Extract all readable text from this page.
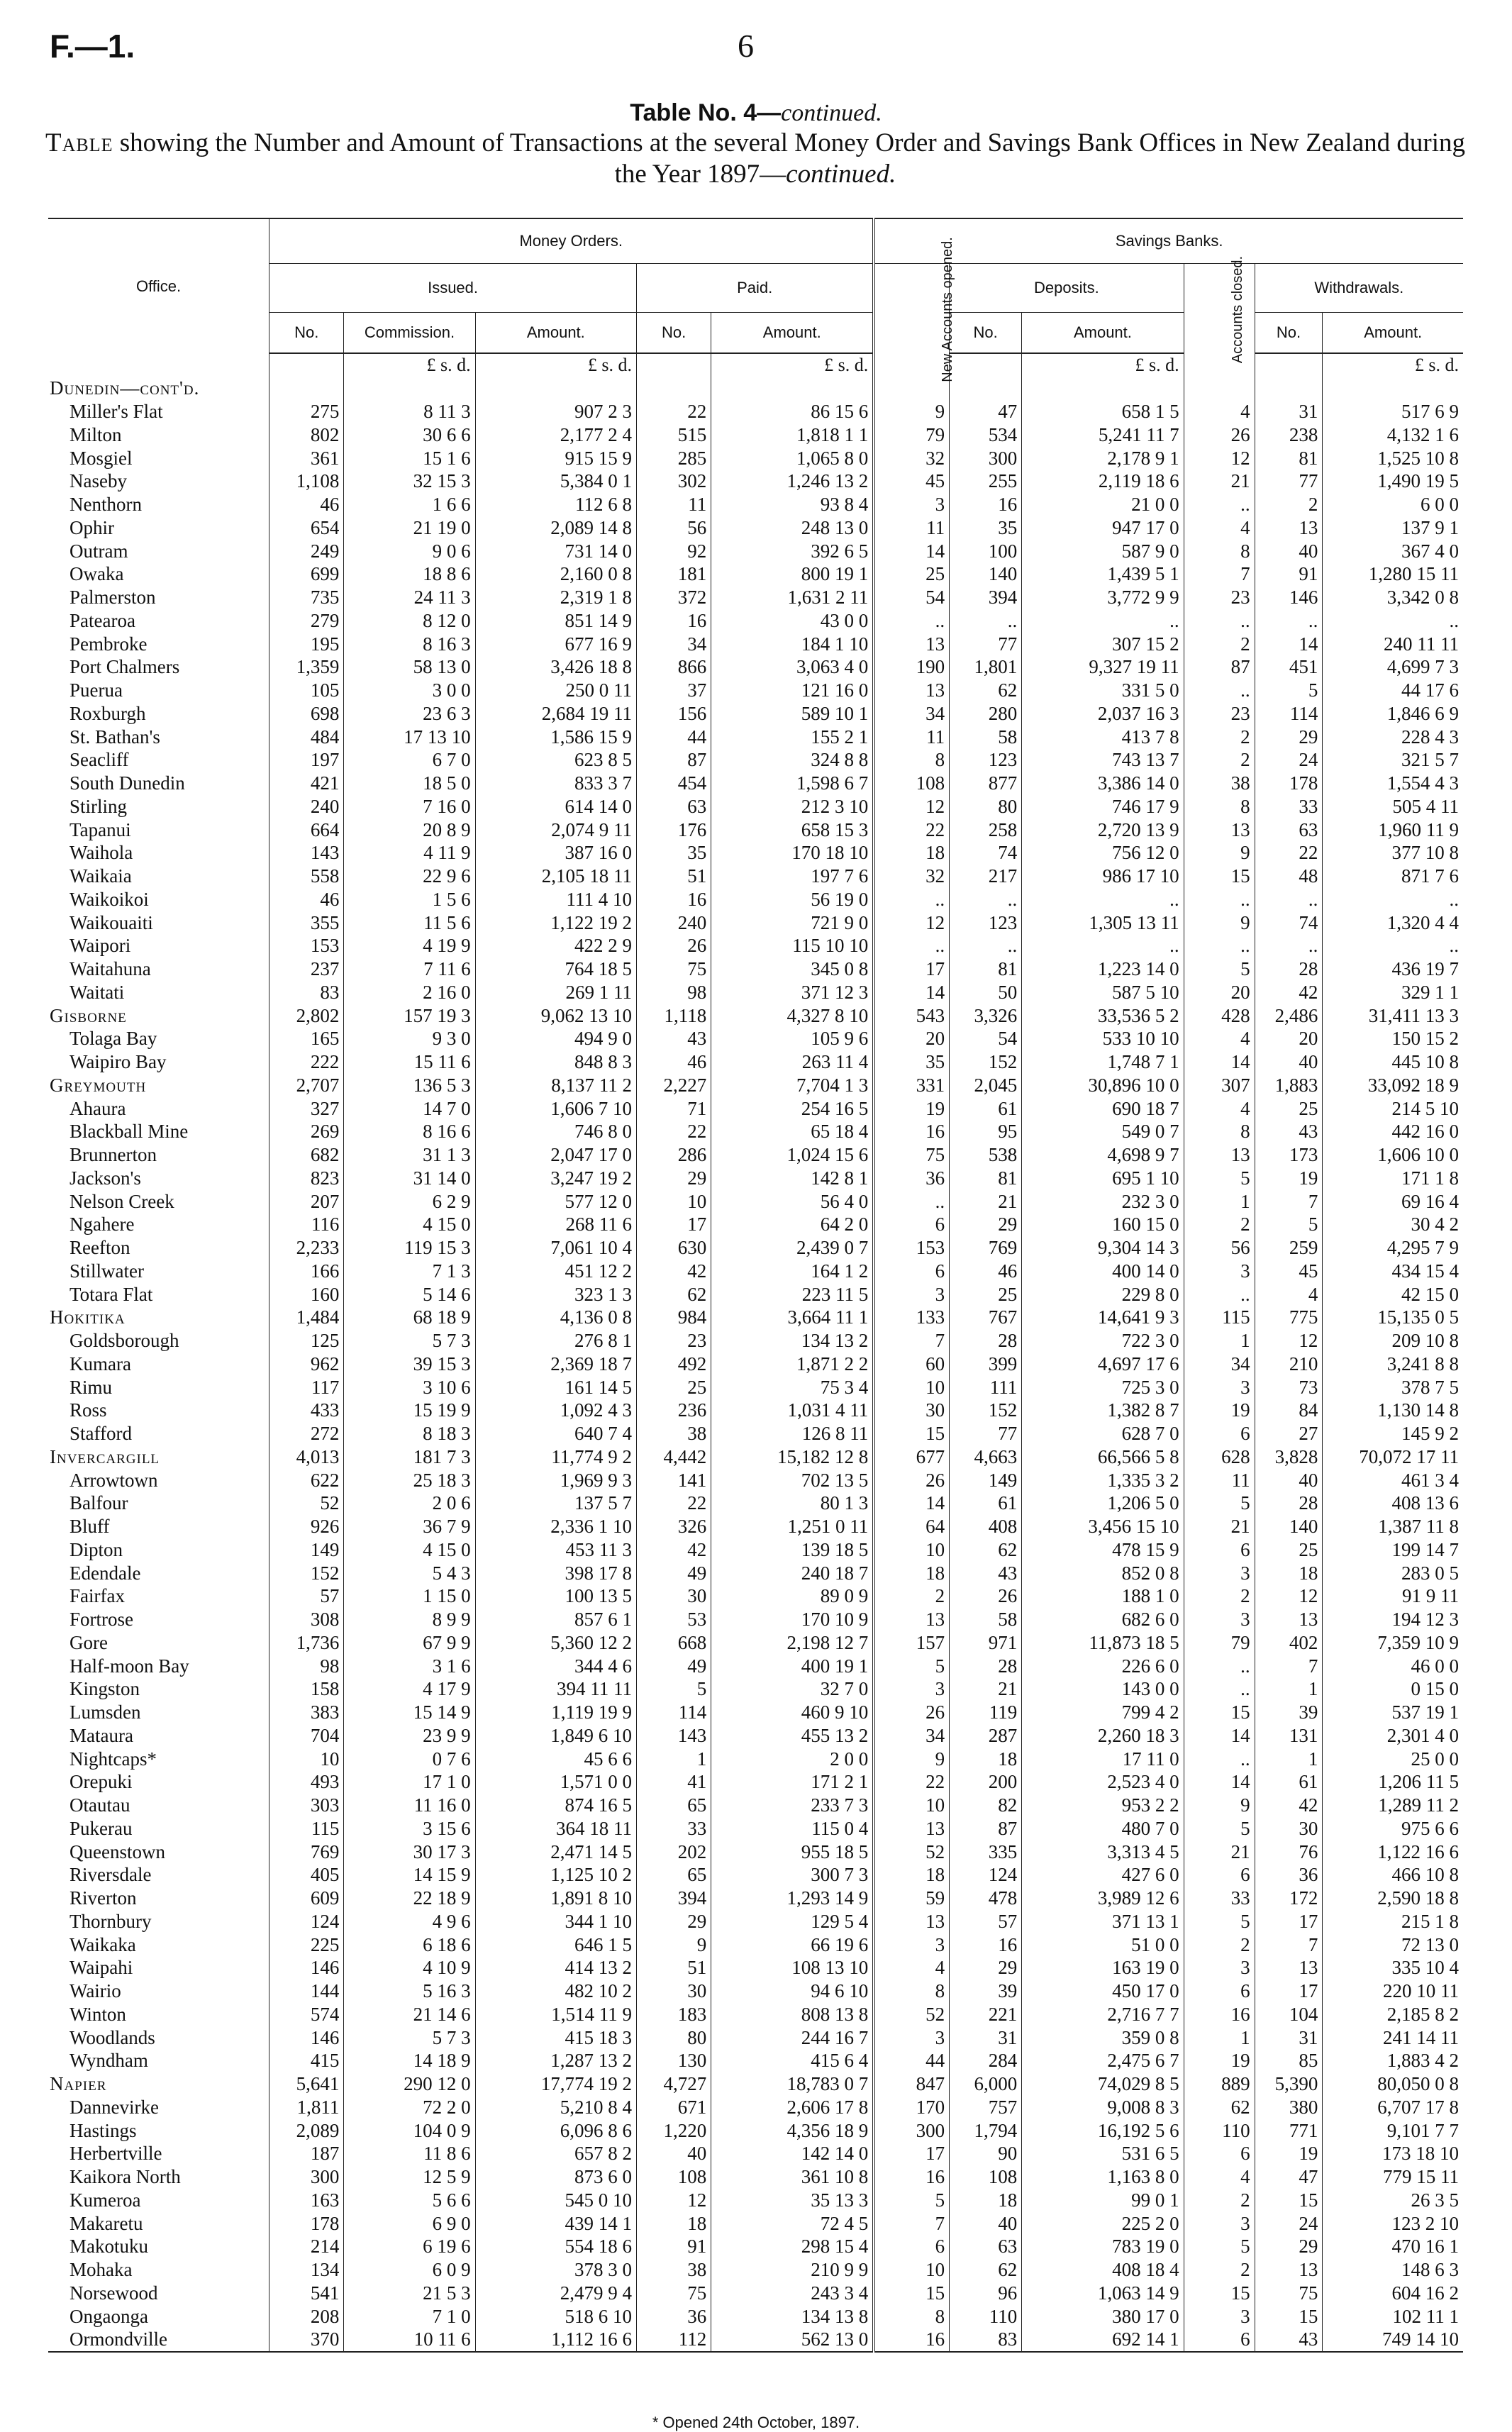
F.—1.	6
Table No. 4—continued.
Table showing the Number and Amount of Transactions at the several Money Order and Savings Bank Offices in New Zealand during the Year 1897—continued.
Office.	Money Orders.					Savings Banks.					
	Issued.			Paid.		New Accounts opened.	Deposits.		Accounts closed.	Withdrawals.	
	No.	Commission.	Amount.	No.	Amount.		No.	Amount.		No.	Amount.
		£ s. d.	£ s. d.		£ s. d.			£ s. d.			£ s. d.
Dunedin—cont'd.											
Miller's Flat	275	8 11 3	907 2 3	22	86 15 6	9	47	658 1 5	4	31	517 6 9
Milton	802	30 6 6	2,177 2 4	515	1,818 1 1	79	534	5,241 11 7	26	238	4,132 1 6
Mosgiel	361	15 1 6	915 15 9	285	1,065 8 0	32	300	2,178 9 1	12	81	1,525 10 8
Naseby	1,108	32 15 3	5,384 0 1	302	1,246 13 2	45	255	2,119 18 6	21	77	1,490 19 5
Nenthorn	46	1 6 6	112 6 8	11	93 8 4	3	16	21 0 0	..	2	6 0 0
Ophir	654	21 19 0	2,089 14 8	56	248 13 0	11	35	947 17 0	4	13	137 9 1
Outram	249	9 0 6	731 14 0	92	392 6 5	14	100	587 9 0	8	40	367 4 0
Owaka	699	18 8 6	2,160 0 8	181	800 19 1	25	140	1,439 5 1	7	91	1,280 15 11
Palmerston	735	24 11 3	2,319 1 8	372	1,631 2 11	54	394	3,772 9 9	23	146	3,342 0 8
Patearoa	279	8 12 0	851 14 9	16	43 0 0	..	..	..	..	..	..
Pembroke	195	8 16 3	677 16 9	34	184 1 10	13	77	307 15 2	2	14	240 11 11
Port Chalmers	1,359	58 13 0	3,426 18 8	866	3,063 4 0	190	1,801	9,327 19 11	87	451	4,699 7 3
Puerua	105	3 0 0	250 0 11	37	121 16 0	13	62	331 5 0	..	5	44 17 6
Roxburgh	698	23 6 3	2,684 19 11	156	589 10 1	34	280	2,037 16 3	23	114	1,846 6 9
St. Bathan's	484	17 13 10	1,586 15 9	44	155 2 1	11	58	413 7 8	2	29	228 4 3
Seacliff	197	6 7 0	623 8 5	87	324 8 8	8	123	743 13 7	2	24	321 5 7
South Dunedin	421	18 5 0	833 3 7	454	1,598 6 7	108	877	3,386 14 0	38	178	1,554 4 3
Stirling	240	7 16 0	614 14 0	63	212 3 10	12	80	746 17 9	8	33	505 4 11
Tapanui	664	20 8 9	2,074 9 11	176	658 15 3	22	258	2,720 13 9	13	63	1,960 11 9
Waihola	143	4 11 9	387 16 0	35	170 18 10	18	74	756 12 0	9	22	377 10 8
Waikaia	558	22 9 6	2,105 18 11	51	197 7 6	32	217	986 17 10	15	48	871 7 6
Waikoikoi	46	1 5 6	111 4 10	16	56 19 0	..	..	..	..	..	..
Waikouaiti	355	11 5 6	1,122 19 2	240	721 9 0	12	123	1,305 13 11	9	74	1,320 4 4
Waipori	153	4 19 9	422 2 9	26	115 10 10	..	..	..	..	..	..
Waitahuna	237	7 11 6	764 18 5	75	345 0 8	17	81	1,223 14 0	5	28	436 19 7
Waitati	83	2 16 0	269 1 11	98	371 12 3	14	50	587 5 10	20	42	329 1 1
Gisborne	2,802	157 19 3	9,062 13 10	1,118	4,327 8 10	543	3,326	33,536 5 2	428	2,486	31,411 13 3
Tolaga Bay	165	9 3 0	494 9 0	43	105 9 6	20	54	533 10 10	4	20	150 15 2
Waipiro Bay	222	15 11 6	848 8 3	46	263 11 4	35	152	1,748 7 1	14	40	445 10 8
Greymouth	2,707	136 5 3	8,137 11 2	2,227	7,704 1 3	331	2,045	30,896 10 0	307	1,883	33,092 18 9
Ahaura	327	14 7 0	1,606 7 10	71	254 16 5	19	61	690 18 7	4	25	214 5 10
Blackball Mine	269	8 16 6	746 8 0	22	65 18 4	16	95	549 0 7	8	43	442 16 0
Brunnerton	682	31 1 3	2,047 17 0	286	1,024 15 6	75	538	4,698 9 7	13	173	1,606 10 0
Jackson's	823	31 14 0	3,247 19 2	29	142 8 1	36	81	695 1 10	5	19	171 1 8
Nelson Creek	207	6 2 9	577 12 0	10	56 4 0	..	21	232 3 0	1	7	69 16 4
Ngahere	116	4 15 0	268 11 6	17	64 2 0	6	29	160 15 0	2	5	30 4 2
Reefton	2,233	119 15 3	7,061 10 4	630	2,439 0 7	153	769	9,304 14 3	56	259	4,295 7 9
Stillwater	166	7 1 3	451 12 2	42	164 1 2	6	46	400 14 0	3	45	434 15 4
Totara Flat	160	5 14 6	323 1 3	62	223 11 5	3	25	229 8 0	..	4	42 15 0
Hokitika	1,484	68 18 9	4,136 0 8	984	3,664 11 1	133	767	14,641 9 3	115	775	15,135 0 5
Goldsborough	125	5 7 3	276 8 1	23	134 13 2	7	28	722 3 0	1	12	209 10 8
Kumara	962	39 15 3	2,369 18 7	492	1,871 2 2	60	399	4,697 17 6	34	210	3,241 8 8
Rimu	117	3 10 6	161 14 5	25	75 3 4	10	111	725 3 0	3	73	378 7 5
Ross	433	15 19 9	1,092 4 3	236	1,031 4 11	30	152	1,382 8 7	19	84	1,130 14 8
Stafford	272	8 18 3	640 7 4	38	126 8 11	15	77	628 7 0	6	27	145 9 2
Invercargill	4,013	181 7 3	11,774 9 2	4,442	15,182 12 8	677	4,663	66,566 5 8	628	3,828	70,072 17 11
Arrowtown	622	25 18 3	1,969 9 3	141	702 13 5	26	149	1,335 3 2	11	40	461 3 4
Balfour	52	2 0 6	137 5 7	22	80 1 3	14	61	1,206 5 0	5	28	408 13 6
Bluff	926	36 7 9	2,336 1 10	326	1,251 0 11	64	408	3,456 15 10	21	140	1,387 11 8
Dipton	149	4 15 0	453 11 3	42	139 18 5	10	62	478 15 9	6	25	199 14 7
Edendale	152	5 4 3	398 17 8	49	240 18 7	18	43	852 0 8	3	18	283 0 5
Fairfax	57	1 15 0	100 13 5	30	89 0 9	2	26	188 1 0	2	12	91 9 11
Fortrose	308	8 9 9	857 6 1	53	170 10 9	13	58	682 6 0	3	13	194 12 3
Gore	1,736	67 9 9	5,360 12 2	668	2,198 12 7	157	971	11,873 18 5	79	402	7,359 10 9
Half-moon Bay	98	3 1 6	344 4 6	49	400 19 1	5	28	226 6 0	..	7	46 0 0
Kingston	158	4 17 9	394 11 11	5	32 7 0	3	21	143 0 0	..	1	0 15 0
Lumsden	383	15 14 9	1,119 19 9	114	460 9 10	26	119	799 4 2	15	39	537 19 1
Mataura	704	23 9 9	1,849 6 10	143	455 13 2	34	287	2,260 18 3	14	131	2,301 4 0
Nightcaps*	10	0 7 6	45 6 6	1	2 0 0	9	18	17 11 0	..	1	25 0 0
Orepuki	493	17 1 0	1,571 0 0	41	171 2 1	22	200	2,523 4 0	14	61	1,206 11 5
Otautau	303	11 16 0	874 16 5	65	233 7 3	10	82	953 2 2	9	42	1,289 11 2
Pukerau	115	3 15 6	364 18 11	33	115 0 4	13	87	480 7 0	5	30	975 6 6
Queenstown	769	30 17 3	2,471 14 5	202	955 18 5	52	335	3,313 4 5	21	76	1,122 16 6
Riversdale	405	14 15 9	1,125 10 2	65	300 7 3	18	124	427 6 0	6	36	466 10 8
Riverton	609	22 18 9	1,891 8 10	394	1,293 14 9	59	478	3,989 12 6	33	172	2,590 18 8
Thornbury	124	4 9 6	344 1 10	29	129 5 4	13	57	371 13 1	5	17	215 1 8
Waikaka	225	6 18 6	646 1 5	9	66 19 6	3	16	51 0 0	2	7	72 13 0
Waipahi	146	4 10 9	414 13 2	51	108 13 10	4	29	163 19 0	3	13	335 10 4
Wairio	144	5 16 3	482 10 2	30	94 6 10	8	39	450 17 0	6	17	220 10 11
Winton	574	21 14 6	1,514 11 9	183	808 13 8	52	221	2,716 7 7	16	104	2,185 8 2
Woodlands	146	5 7 3	415 18 3	80	244 16 7	3	31	359 0 8	1	31	241 14 11
Wyndham	415	14 18 9	1,287 13 2	130	415 6 4	44	284	2,475 6 7	19	85	1,883 4 2
Napier	5,641	290 12 0	17,774 19 2	4,727	18,783 0 7	847	6,000	74,029 8 5	889	5,390	80,050 0 8
Dannevirke	1,811	72 2 0	5,210 8 4	671	2,606 17 8	170	757	9,008 8 3	62	380	6,707 17 8
Hastings	2,089	104 0 9	6,096 8 6	1,220	4,356 18 9	300	1,794	16,192 5 6	110	771	9,101 7 7
Herbertville	187	11 8 6	657 8 2	40	142 14 0	17	90	531 6 5	6	19	173 18 10
Kaikora North	300	12 5 9	873 6 0	108	361 10 8	16	108	1,163 8 0	4	47	779 15 11
Kumeroa	163	5 6 6	545 0 10	12	35 13 3	5	18	99 0 1	2	15	26 3 5
Makaretu	178	6 9 0	439 14 1	18	72 4 5	7	40	225 2 0	3	24	123 2 10
Makotuku	214	6 19 6	554 18 6	91	298 15 4	6	63	783 19 0	5	29	470 16 1
Mohaka	134	6 0 9	378 3 0	38	210 9 9	10	62	408 18 4	2	13	148 6 3
Norsewood	541	21 5 3	2,479 9 4	75	243 3 4	15	96	1,063 14 9	15	75	604 16 2
Ongaonga	208	7 1 0	518 6 10	36	134 13 8	8	110	380 17 0	3	15	102 11 1
Ormondville	370	10 11 6	1,112 16 6	112	562 13 0	16	83	692 14 1	6	43	749 14 10
* Opened 24th October, 1897.
